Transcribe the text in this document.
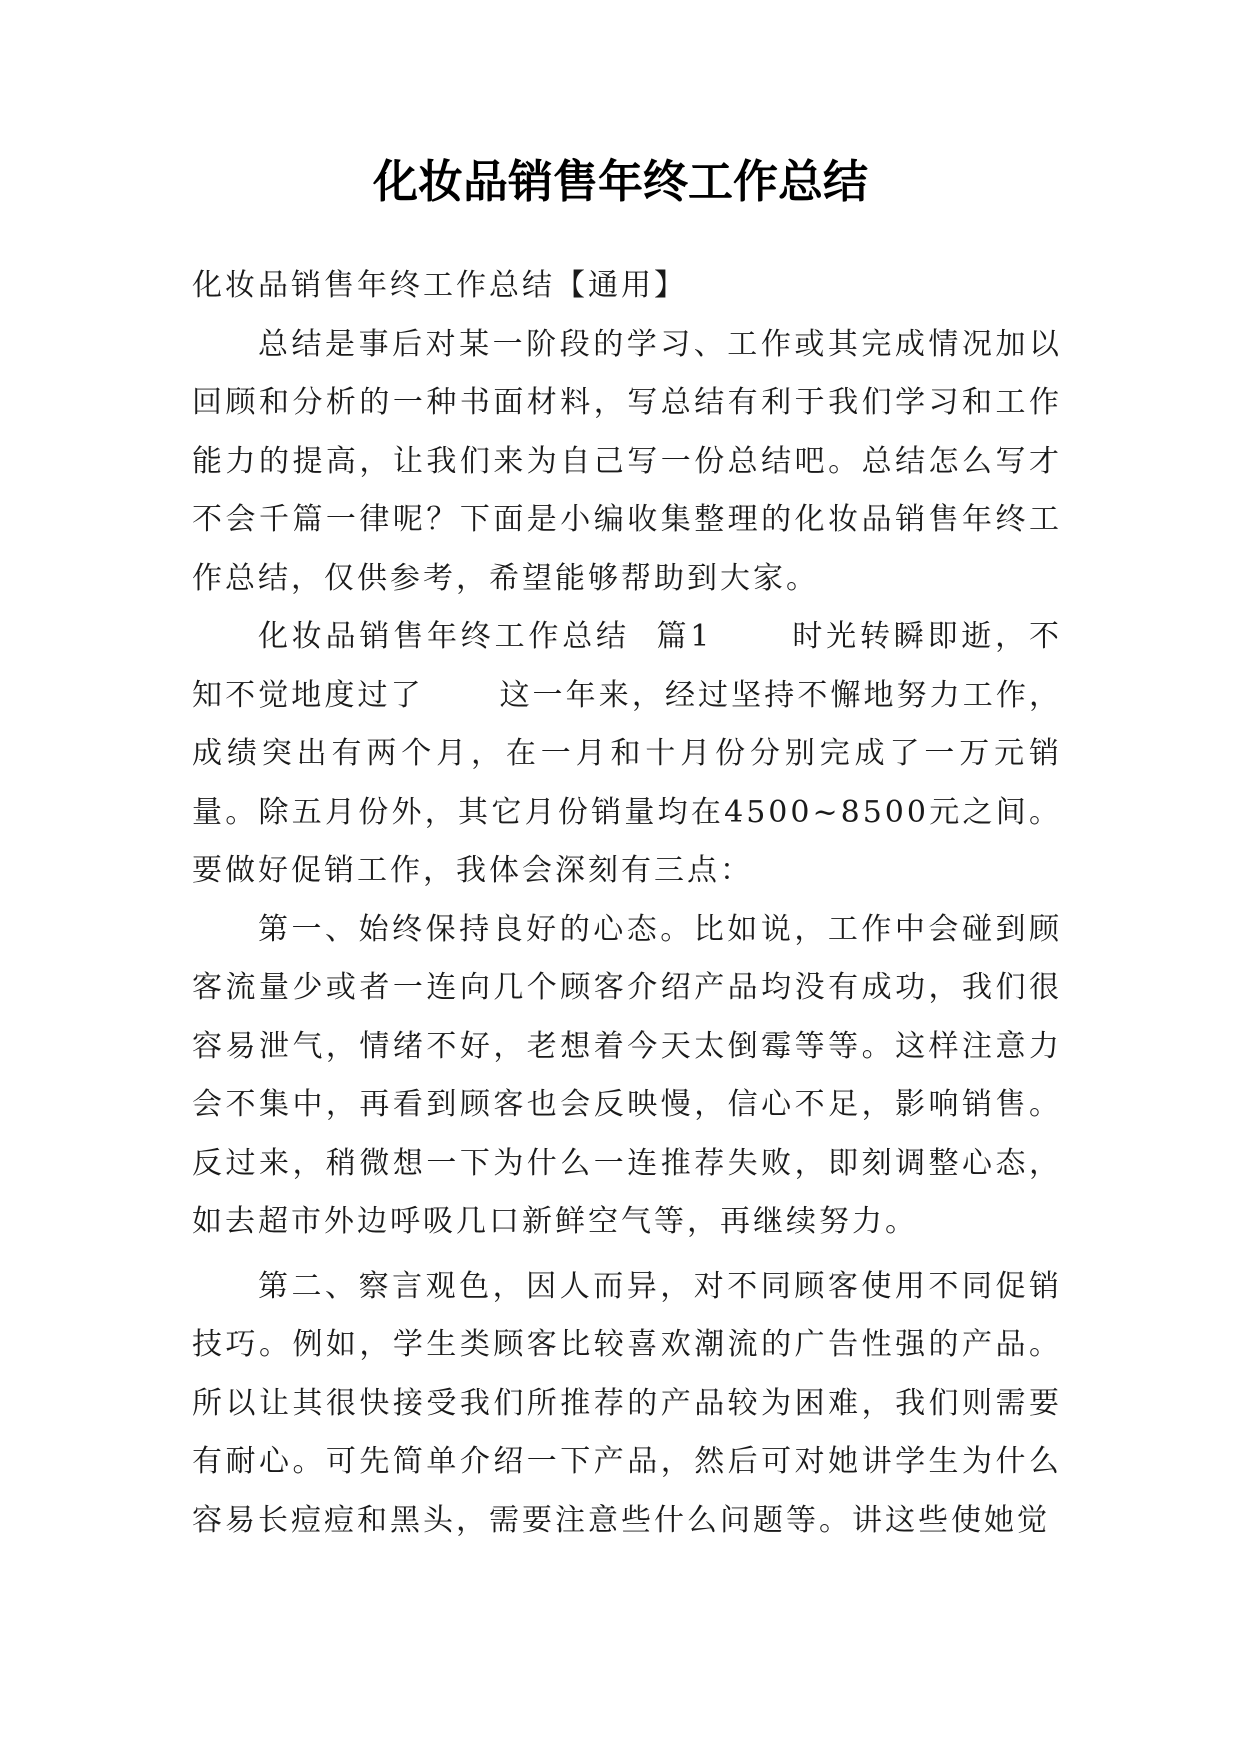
化妆品销售年终工作总结

化妆品销售年终工作总结【通用】

总结是事后对某一阶段的学习、工作或其完成情况加以回顾和分析的一种书面材料，写总结有利于我们学习和工作能力的提高，让我们来为自己写一份总结吧。总结怎么写才不会千篇一律呢？下面是小编收集整理的化妆品销售年终工作总结，仅供参考，希望能够帮助到大家。

化妆品销售年终工作总结  篇1      时光转瞬即逝，不知不觉地度过了      这一年来，经过坚持不懈地努力工作，成绩突出有两个月，在一月和十月份分别完成了一万元销量。除五月份外，其它月份销量均在4500~8500元之间。要做好促销工作，我体会深刻有三点：

第一、始终保持良好的心态。比如说，工作中会碰到顾客流量少或者一连向几个顾客介绍产品均没有成功，我们很容易泄气，情绪不好，老想着今天太倒霉等等。这样注意力会不集中，再看到顾客也会反映慢，信心不足，影响销售。反过来，稍微想一下为什么一连推荐失败，即刻调整心态，如去超市外边呼吸几口新鲜空气等，再继续努力。

第二、察言观色，因人而异，对不同顾客使用不同促销技巧。例如，学生类顾客比较喜欢潮流的广告性强的产品。所以让其很快接受我们所推荐的产品较为困难，我们则需要有耐心。可先简单介绍一下产品，然后可对她讲学生为什么容易长痘痘和黑头，需要注意些什么问题等。讲这些使她觉
